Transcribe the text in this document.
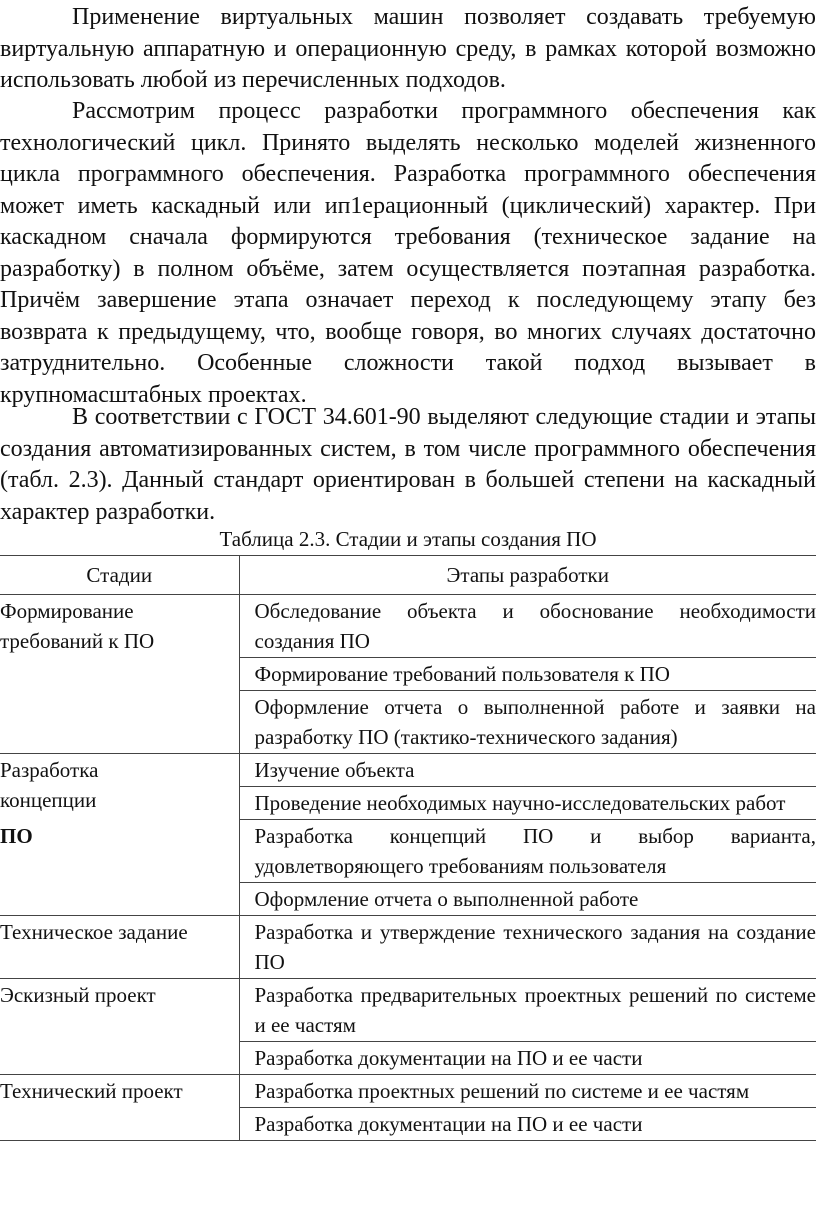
Применение виртуальных машин позволяет создавать требуемую виртуальную аппаратную и операционную среду, в рамках которой возможно использовать любой из перечисленных подходов.

Рассмотрим процесс разработки программного обеспечения как технологический цикл. Принято выделять несколько моделей жизненного цикла программного обеспечения. Разработка программного обеспечения может иметь каскадный или ип1ерационный (циклический) характер. При каскадном сначала формируются требования (техническое задание на разработку) в полном объёме, затем осуществляется поэтапная разработка. Причём завершение этапа означает переход к последующему этапу без возврата к предыдущему, что, вообще говоря, во многих случаях достаточно затруднительно. Особенные сложности такой подход вызывает в крупномасштабных проектах.

В соответствии с ГОСТ 34.601-90 выделяют следующие стадии и этапы создания автоматизированных систем, в том числе программного обеспечения (табл. 2.3). Данный стандарт ориентирован в большей степени на каскадный характер разработки.

Таблица 2.3. Стадии и этапы создания ПО
Стадии	Этапы разработки

Формирование
требований к ПО	Обследование объекта и обоснование необходимости создания ПО
	Формирование требований пользователя к ПО
	Оформление отчета о выполненной работе и заявки на разработку ПО (тактико-технического задания)

Разработка
концепции
ПО	Изучение объекта
	Проведение необходимых научно-исследовательских работ
	Разработка концепций ПО и выбор варианта, удовлетворяющего требованиям пользователя
	Оформление отчета о выполненной работе

Техническое задание	Разработка и утверждение технического задания на создание ПО

Эскизный проект	Разработка предварительных проектных решений по системе и ее частям
	Разработка документации на ПО и ее части

Технический проект	Разработка проектных решений по системе и ее частям
	Разработка документации на ПО и ее части
